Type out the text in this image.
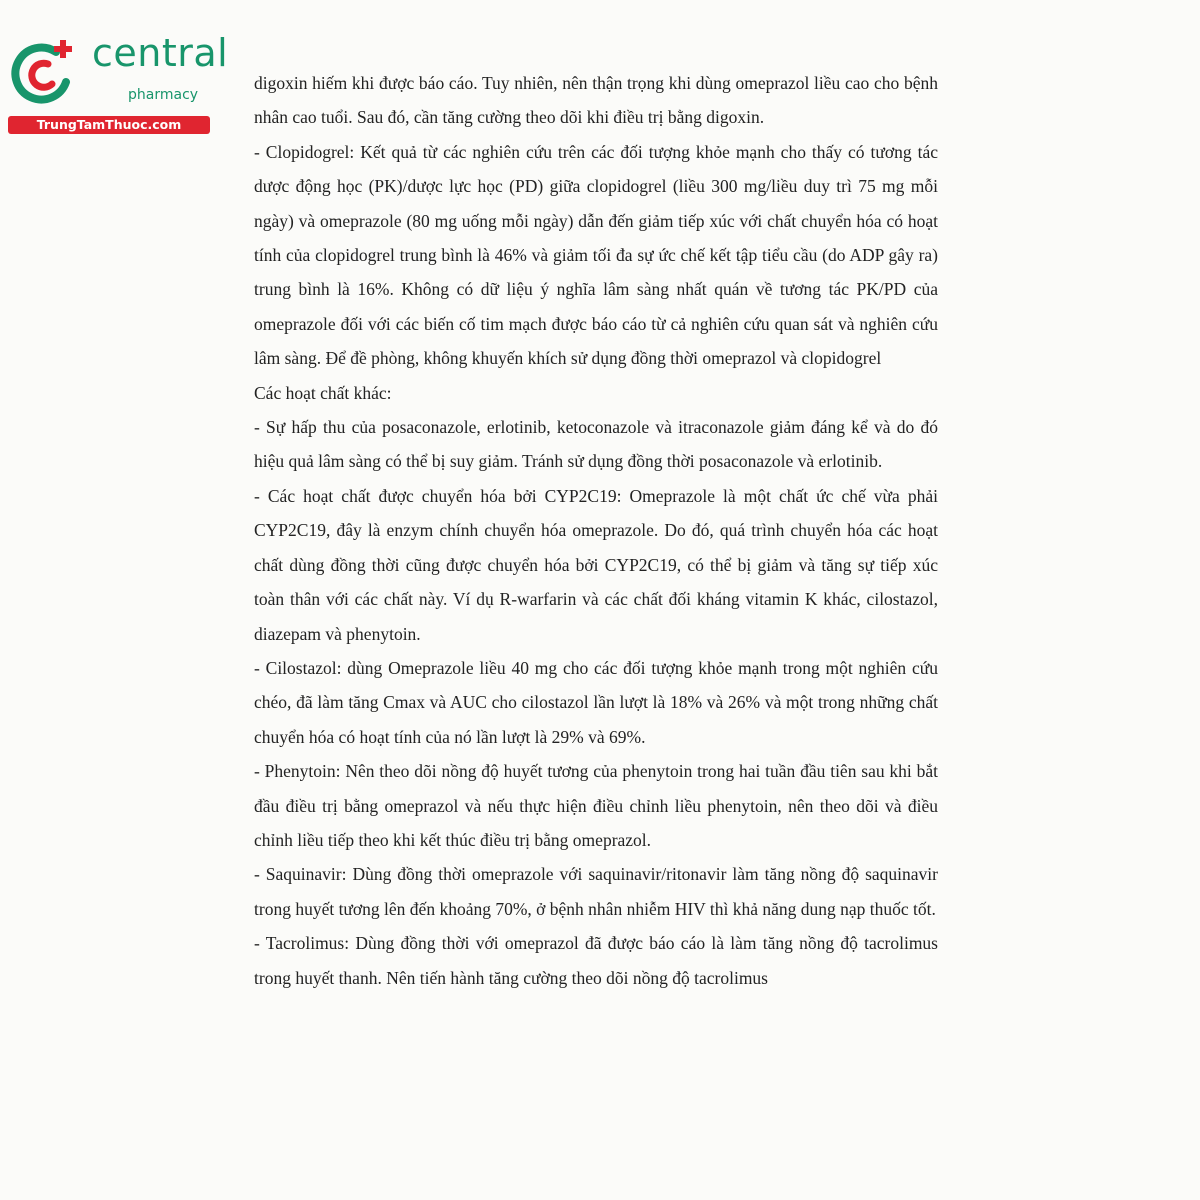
central
pharmacy
TrungTamThuoc.com

digoxin hiếm khi được báo cáo. Tuy nhiên, nên thận trọng khi dùng omeprazol liều cao cho bệnh nhân cao tuổi. Sau đó, cần tăng cường theo dõi khi điều trị bằng digoxin.

- Clopidogrel: Kết quả từ các nghiên cứu trên các đối tượng khỏe mạnh cho thấy có tương tác dược động học (PK)/dược lực học (PD) giữa clopidogrel (liều 300 mg/liều duy trì 75 mg mỗi ngày) và omeprazole (80 mg uống mỗi ngày) dẫn đến giảm tiếp xúc với chất chuyển hóa có hoạt tính của clopidogrel trung bình là 46% và giảm tối đa sự ức chế kết tập tiểu cầu (do ADP gây ra) trung bình là 16%. Không có dữ liệu ý nghĩa lâm sàng nhất quán về tương tác PK/PD của omeprazole đối với các biến cố tim mạch được báo cáo từ cả nghiên cứu quan sát và nghiên cứu lâm sàng. Để đề phòng, không khuyến khích sử dụng đồng thời omeprazol và clopidogrel

Các hoạt chất khác:

- Sự hấp thu của posaconazole, erlotinib, ketoconazole và itraconazole giảm đáng kể và do đó hiệu quả lâm sàng có thể bị suy giảm. Tránh sử dụng đồng thời posaconazole và erlotinib.

- Các hoạt chất được chuyển hóa bởi CYP2C19: Omeprazole là một chất ức chế vừa phải CYP2C19, đây là enzym chính chuyển hóa omeprazole. Do đó, quá trình chuyển hóa các hoạt chất dùng đồng thời cũng được chuyển hóa bởi CYP2C19, có thể bị giảm và tăng sự tiếp xúc toàn thân với các chất này. Ví dụ R-warfarin và các chất đối kháng vitamin K khác, cilostazol, diazepam và phenytoin.

- Cilostazol: dùng Omeprazole liều 40 mg cho các đối tượng khỏe mạnh trong một nghiên cứu chéo, đã làm tăng Cmax và AUC cho cilostazol lần lượt là 18% và 26% và một trong những chất chuyển hóa có hoạt tính của nó lần lượt là 29% và 69%.

- Phenytoin: Nên theo dõi nồng độ huyết tương của phenytoin trong hai tuần đầu tiên sau khi bắt đầu điều trị bằng omeprazol và nếu thực hiện điều chỉnh liều phenytoin, nên theo dõi và điều chỉnh liều tiếp theo khi kết thúc điều trị bằng omeprazol.

- Saquinavir: Dùng đồng thời omeprazole với saquinavir/ritonavir làm tăng nồng độ saquinavir trong huyết tương lên đến khoảng 70%, ở bệnh nhân nhiễm HIV thì khả năng dung nạp thuốc tốt.

- Tacrolimus: Dùng đồng thời với omeprazol đã được báo cáo là làm tăng nồng độ tacrolimus trong huyết thanh. Nên tiến hành tăng cường theo dõi nồng độ tacrolimus
